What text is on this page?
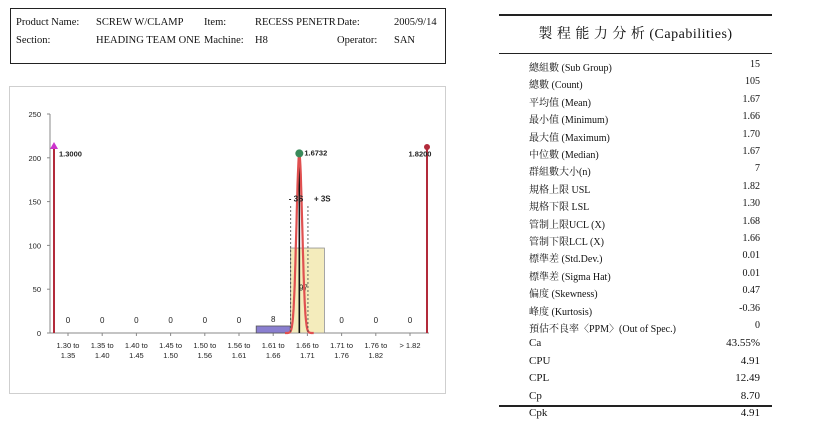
Product Name: SCREW W/CLAMP Item:	RECESS PENETR Date:	2005/9/14
Section:	HEADING TEAM ONE Machine: H8	Operator: SAN
250
200
150
100
50
0
1.30 to
1.35
1.35 to
1.40
1.40 to
1.45
1.45 to
1.50
1.50 to
1.56
1.56 to
1.61
1.61 to
1.66
1.66 to
1.71
1.71 to
1.76
1.76 to
1.82
> 1.82
0	0	0	0	0	0	8
97
0	0	0
1.3000	1.8200
1.6732
- 3S + 3S
製 程 能 力 分 析 (Capabilities)
總組數 (Sub Group)	15
總數 (Count)	105
平均值 (Mean)	1.67
最小值 (Minimum)	1.66
最大值 (Maximum)	1.70
中位數 (Median)	1.67
群組數大小(n)	7
規格上限 USL	1.82
規格下限 LSL	1.30
管制上限UCL (X)	1.68
管制下限LCL (X)	1.66
標準差 (Std.Dev.)	0.01
標準差 (Sigma Hat)	0.01
偏度 (Skewness)	0.47
峰度 (Kurtosis)	-0.36
預估不良率〈PPM〉(Out of Spec.)	0
Ca	43.55%
CPU	4.91
CPL	12.49
Cp	8.70
Cpk	4.91
